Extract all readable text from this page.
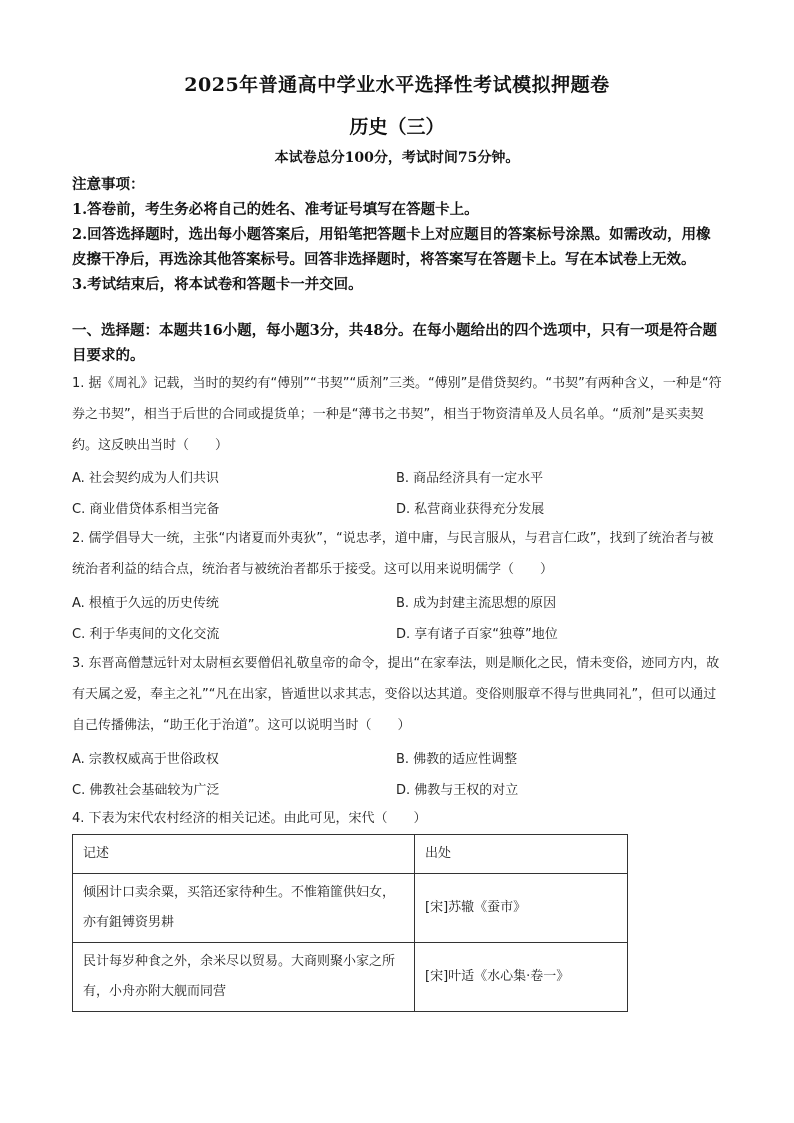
2025年普通高中学业水平选择性考试模拟押题卷
历史（三）
本试卷总分100分，考试时间75分钟。
注意事项：
1.答卷前，考生务必将自己的姓名、准考证号填写在答题卡上。
2.回答选择题时，选出每小题答案后，用铅笔把答题卡上对应题目的答案标号涂黑。如需改动，用橡皮擦干净后，再选涂其他答案标号。回答非选择题时，将答案写在答题卡上。写在本试卷上无效。
3.考试结束后，将本试卷和答题卡一并交回。
一、选择题：本题共16小题，每小题3分，共48分。在每小题给出的四个选项中，只有一项是符合题目要求的。
1. 据《周礼》记载，当时的契约有“傅别”“书契”“质剂”三类。“傅别”是借贷契约。“书契”有两种含义，一种是“符券之书契”，相当于后世的合同或提货单；一种是“薄书之书契”，相当于物资清单及人员名单。“质剂”是买卖契约。这反映出当时（　　）
A. 社会契约成为人们共识	B. 商品经济具有一定水平
C. 商业借贷体系相当完备	D. 私营商业获得充分发展
2. 儒学倡导大一统，主张“内诸夏而外夷狄”，“说忠孝，道中庸，与民言服从，与君言仁政”，找到了统治者与被统治者利益的结合点，统治者与被统治者都乐于接受。这可以用来说明儒学（　　）
A. 根植于久远的历史传统	B. 成为封建主流思想的原因
C. 利于华夷间的文化交流	D. 享有诸子百家“独尊”地位
3. 东晋高僧慧远针对太尉桓玄要僧侣礼敬皇帝的命令，提出“在家奉法，则是顺化之民，情未变俗，迹同方内，故有天属之爱，奉主之礼”“凡在出家，皆遁世以求其志，变俗以达其道。变俗则服章不得与世典同礼”，但可以通过自己传播佛法，“助王化于治道”。这可以说明当时（　　）
A. 宗教权威高于世俗政权	B. 佛教的适应性调整
C. 佛教社会基础较为广泛	D. 佛教与王权的对立
4. 下表为宋代农村经济的相关记述。由此可见，宋代（　　）
记述	出处
倾困计口卖余粟，买箔还家待种生。不惟箱篚供妇女，亦有鉏镈资男耕	[宋]苏辙《蚕市》
民计每岁种食之外，余米尽以贸易。大商则聚小家之所有，小舟亦附大舰而同营	[宋]叶适《水心集·卷一》
